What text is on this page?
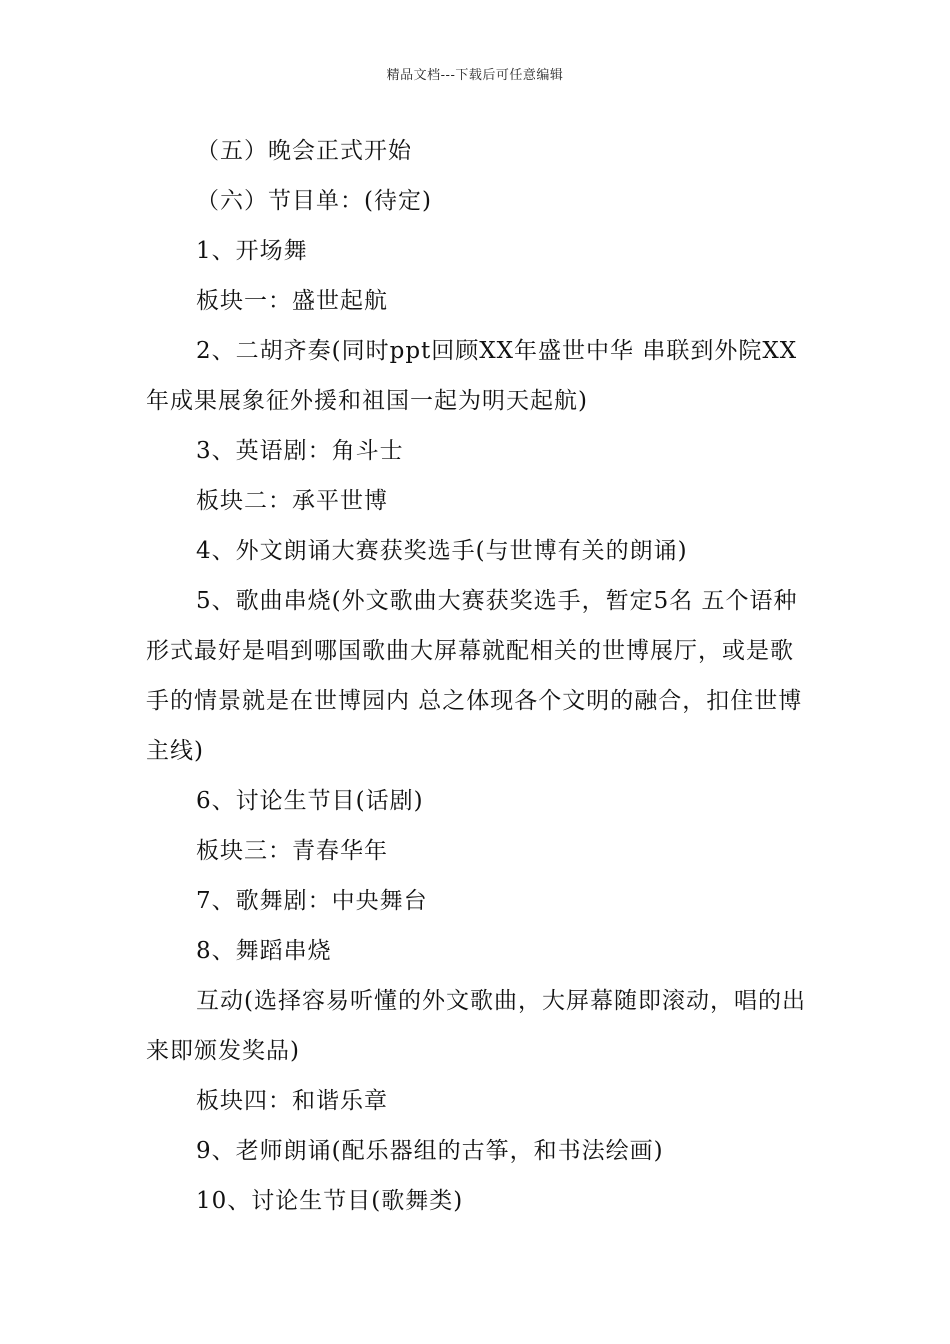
精品文档---下载后可任意编辑

（五）晚会正式开始

（六）节目单：(待定)

1、开场舞

板块一：盛世起航

2、二胡齐奏(同时ppt回顾XX年盛世中华 串联到外院XX年成果展象征外援和祖国一起为明天起航)

3、英语剧：角斗士

板块二：承平世博

4、外文朗诵大赛获奖选手(与世博有关的朗诵)

5、歌曲串烧(外文歌曲大赛获奖选手，暂定5名 五个语种 形式最好是唱到哪国歌曲大屏幕就配相关的世博展厅，或是歌手的情景就是在世博园内 总之体现各个文明的融合，扣住世博主线)

6、讨论生节目(话剧)

板块三：青春华年

7、歌舞剧：中央舞台

8、舞蹈串烧

互动(选择容易听懂的外文歌曲，大屏幕随即滚动，唱的出来即颁发奖品)

板块四：和谐乐章

9、老师朗诵(配乐器组的古筝，和书法绘画)

10、讨论生节目(歌舞类)
